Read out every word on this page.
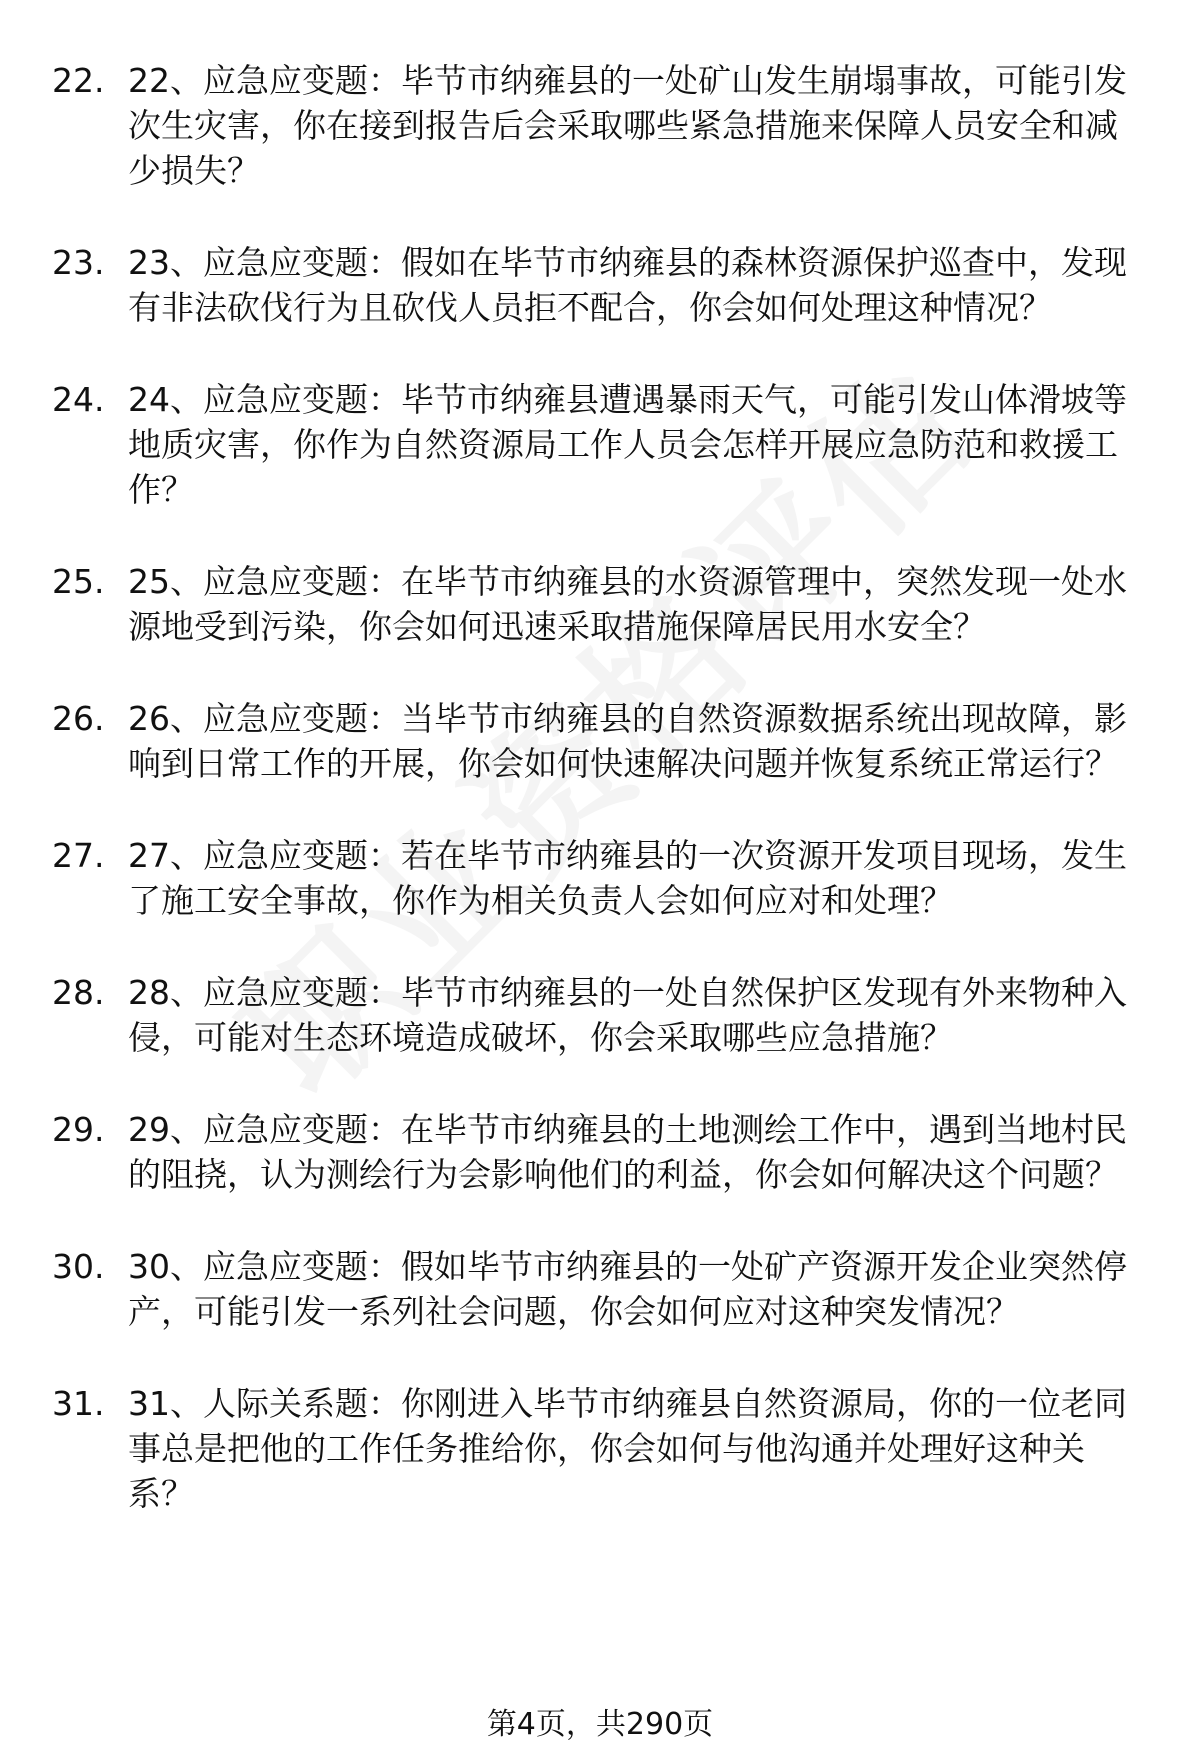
22. 22、应急应变题：毕节市纳雍县的一处矿山发生崩塌事故，可能引发次生灾害，你在接到报告后会采取哪些紧急措施来保障人员安全和减少损失？
23. 23、应急应变题：假如在毕节市纳雍县的森林资源保护巡查中，发现有非法砍伐行为且砍伐人员拒不配合，你会如何处理这种情况？
24. 24、应急应变题：毕节市纳雍县遭遇暴雨天气，可能引发山体滑坡等地质灾害，你作为自然资源局工作人员会怎样开展应急防范和救援工作？
25. 25、应急应变题：在毕节市纳雍县的水资源管理中，突然发现一处水源地受到污染，你会如何迅速采取措施保障居民用水安全？
26. 26、应急应变题：当毕节市纳雍县的自然资源数据系统出现故障，影响到日常工作的开展，你会如何快速解决问题并恢复系统正常运行？
27. 27、应急应变题：若在毕节市纳雍县的一次资源开发项目现场，发生了施工安全事故，你作为相关负责人会如何应对和处理？
28. 28、应急应变题：毕节市纳雍县的一处自然保护区发现有外来物种入侵，可能对生态环境造成破坏，你会采取哪些应急措施？
29. 29、应急应变题：在毕节市纳雍县的土地测绘工作中，遇到当地村民的阻挠，认为测绘行为会影响他们的利益，你会如何解决这个问题？
30. 30、应急应变题：假如毕节市纳雍县的一处矿产资源开发企业突然停产，可能引发一系列社会问题，你会如何应对这种突发情况？
31. 31、人际关系题：你刚进入毕节市纳雍县自然资源局，你的一位老同事总是把他的工作任务推给你，你会如何与他沟通并处理好这种关系？
第4页，共290页
